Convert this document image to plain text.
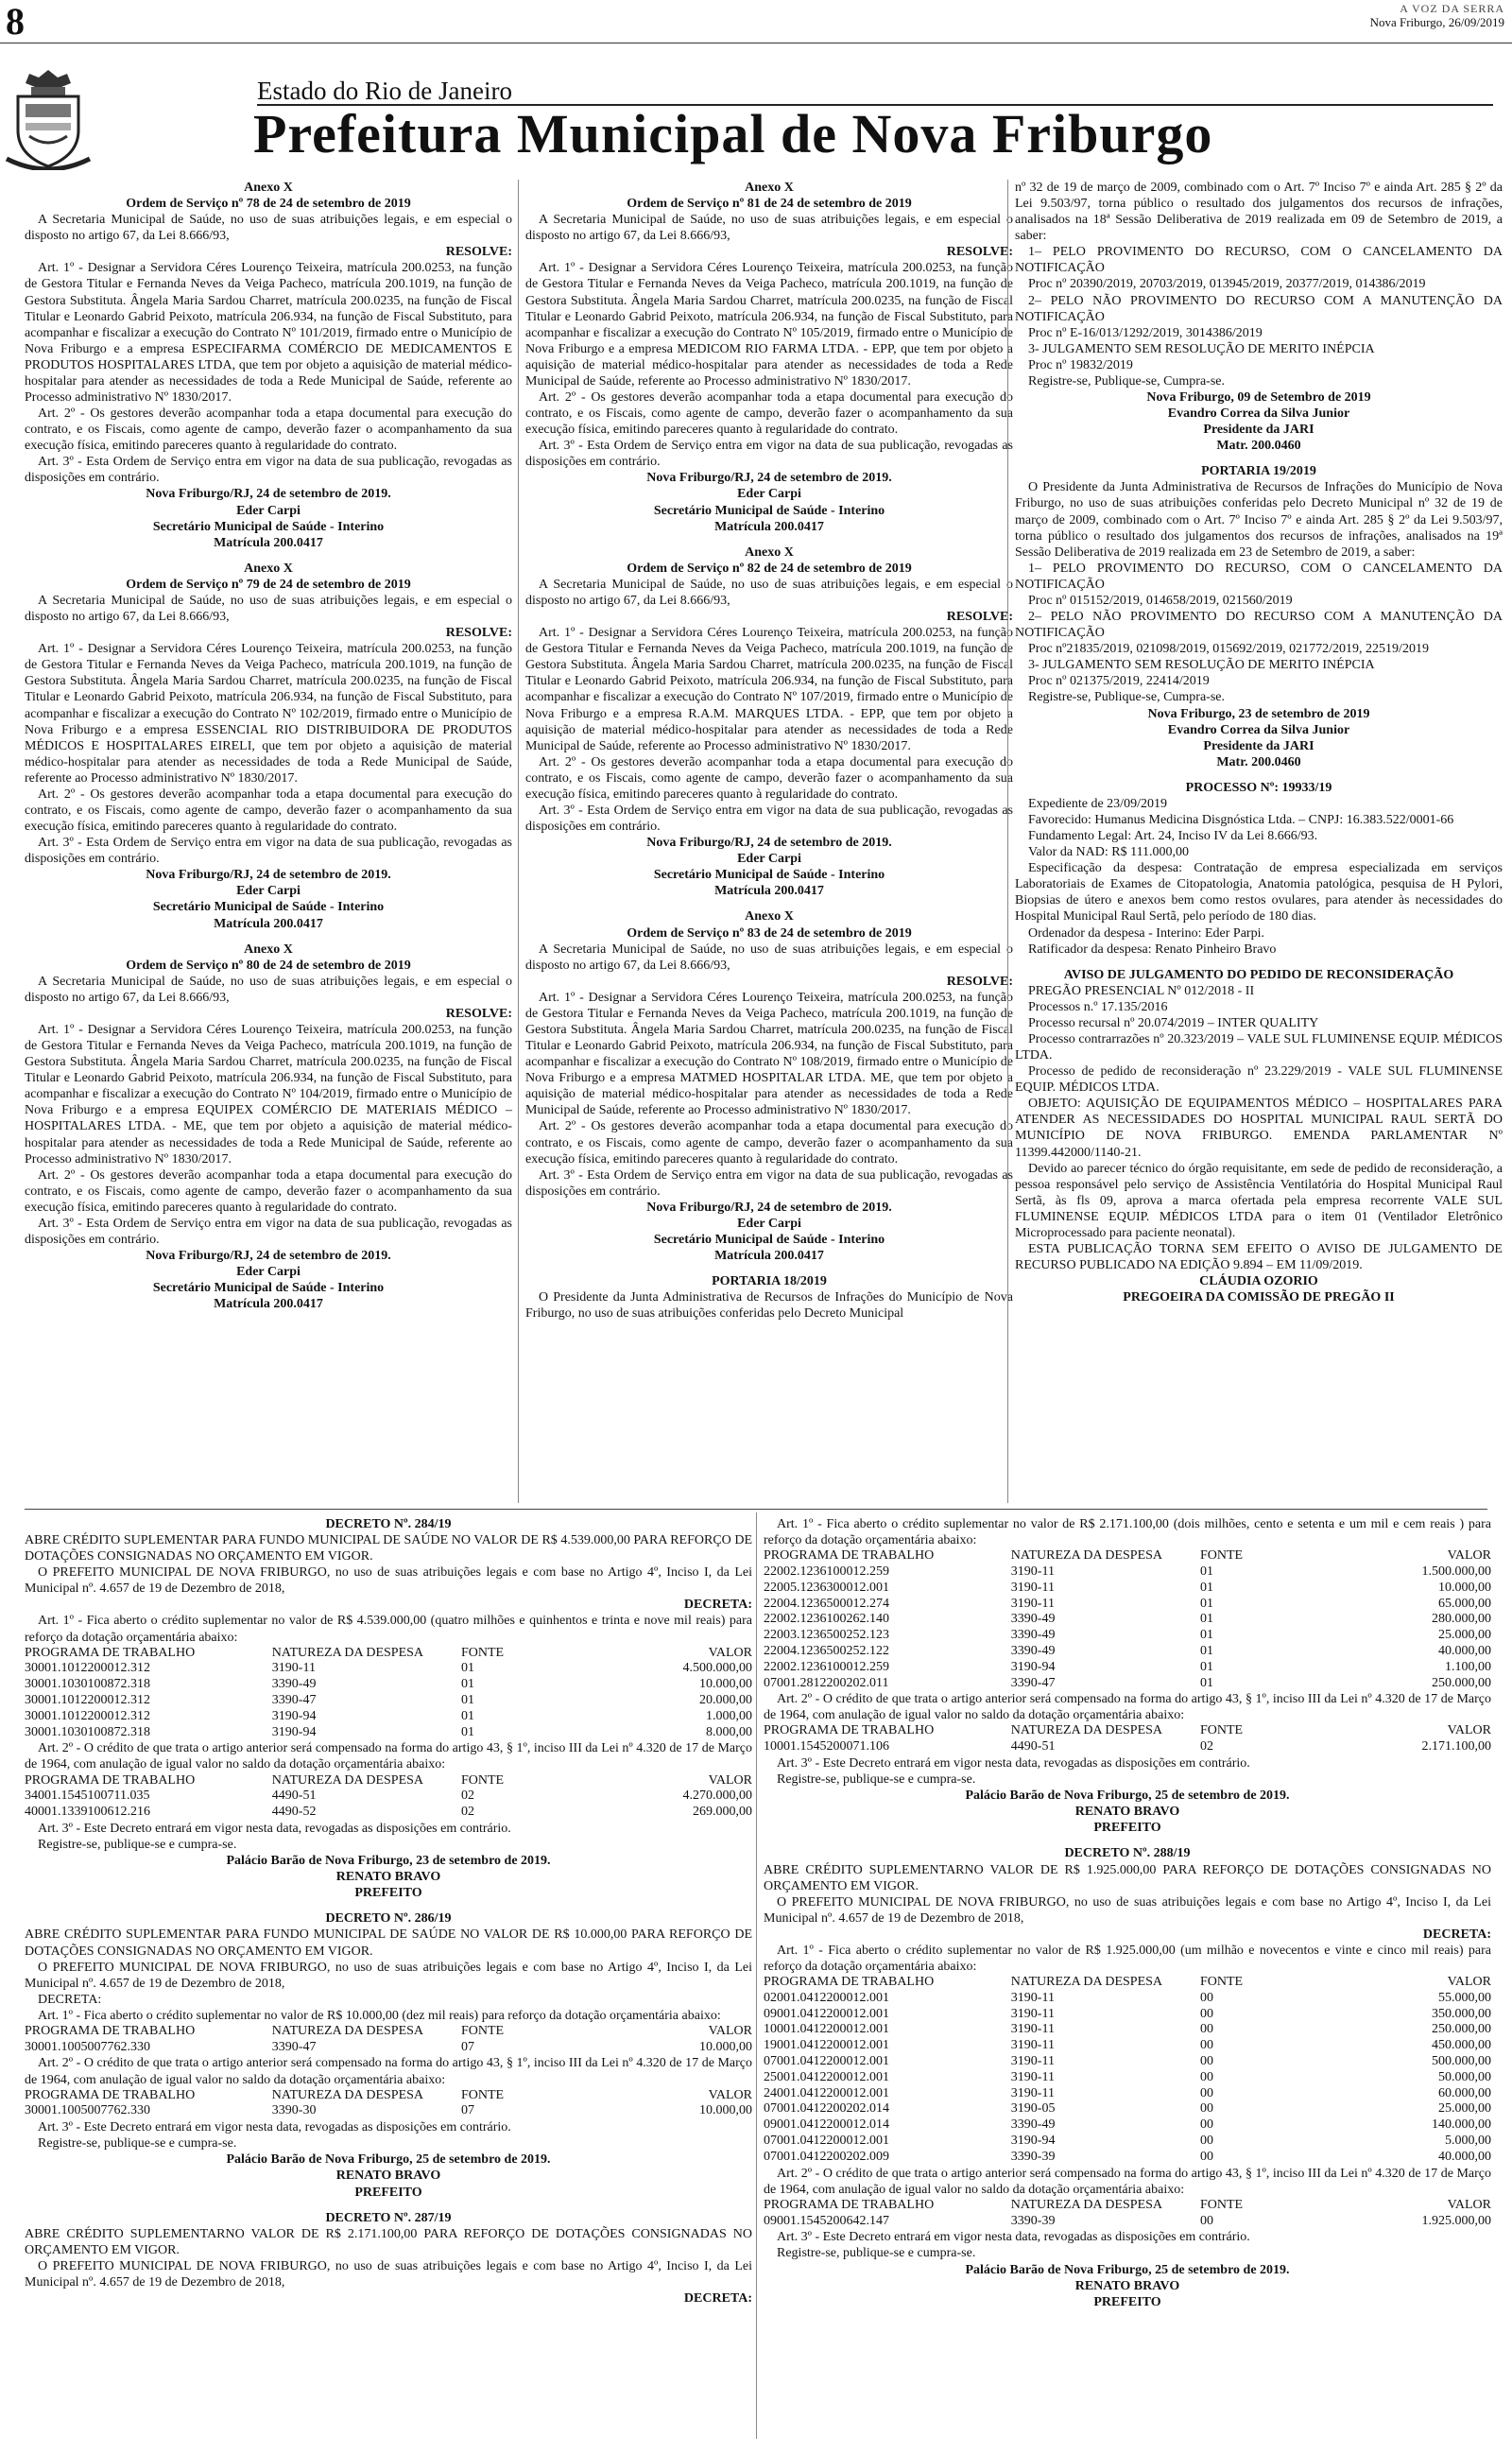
8	A VOZ DA SERRA
Nova Friburgo, 26/09/2019
Estado do Rio de Janeiro
Prefeitura Municipal de Nova Friburgo

Anexo X

Ordem de Serviço nº 78 de 24 de setembro de 2019

A Secretaria Municipal de Saúde, no uso de suas atribuições legais, e em especial o disposto no artigo 67, da Lei 8.666/93,

RESOLVE:

Art. 1º - Designar a Servidora Céres Lourenço Teixeira, matrícula 200.0253, na função de Gestora Titular e Fernanda Neves da Veiga Pacheco, matrícula 200.1019, na função de Gestora Substituta. Ângela Maria Sardou Charret, matrícula 200.0235, na função de Fiscal Titular e Leonardo Gabrid Peixoto, matrícula 206.934, na função de Fiscal Substituto, para acompanhar e fiscalizar a execução do Contrato Nº 101/2019, firmado entre o Município de Nova Friburgo e a empresa ESPECIFARMA COMÉRCIO DE MEDICAMENTOS E PRODUTOS HOSPITALARES LTDA, que tem por objeto a aquisição de material médico-hospitalar para atender as necessidades de toda a Rede Municipal de Saúde, referente ao Processo administrativo Nº 1830/2017.

Art. 2º - Os gestores deverão acompanhar toda a etapa documental para execução do contrato, e os Fiscais, como agente de campo, deverão fazer o acompanhamento da sua execução física, emitindo pareceres quanto à regularidade do contrato.

Art. 3º - Esta Ordem de Serviço entra em vigor na data de sua publicação, revogadas as disposições em contrário.

Nova Friburgo/RJ, 24 de setembro de 2019.

Eder Carpi

Secretário Municipal de Saúde - Interino

Matrícula 200.0417

Anexo X

Ordem de Serviço nº 79 de 24 de setembro de 2019

A Secretaria Municipal de Saúde, no uso de suas atribuições legais, e em especial o disposto no artigo 67, da Lei 8.666/93,

RESOLVE:

Art. 1º - Designar a Servidora Céres Lourenço Teixeira, matrícula 200.0253, na função de Gestora Titular e Fernanda Neves da Veiga Pacheco, matrícula 200.1019, na função de Gestora Substituta. Ângela Maria Sardou Charret, matrícula 200.0235, na função de Fiscal Titular e Leonardo Gabrid Peixoto, matrícula 206.934, na função de Fiscal Substituto, para acompanhar e fiscalizar a execução do Contrato Nº 102/2019, firmado entre o Município de Nova Friburgo e a empresa ESSENCIAL RIO DISTRIBUIDORA DE PRODUTOS MÉDICOS E HOSPITALARES EIRELI, que tem por objeto a aquisição de material médico-hospitalar para atender as necessidades de toda a Rede Municipal de Saúde, referente ao Processo administrativo Nº 1830/2017.

Art. 2º - Os gestores deverão acompanhar toda a etapa documental para execução do contrato, e os Fiscais, como agente de campo, deverão fazer o acompanhamento da sua execução física, emitindo pareceres quanto à regularidade do contrato.

Art. 3º - Esta Ordem de Serviço entra em vigor na data de sua publicação, revogadas as disposições em contrário.

Nova Friburgo/RJ, 24 de setembro de 2019.

Eder Carpi

Secretário Municipal de Saúde - Interino

Matrícula 200.0417

Anexo X

Ordem de Serviço nº 80 de 24 de setembro de 2019

A Secretaria Municipal de Saúde, no uso de suas atribuições legais, e em especial o disposto no artigo 67, da Lei 8.666/93,

RESOLVE:

Art. 1º - Designar a Servidora Céres Lourenço Teixeira, matrícula 200.0253, na função de Gestora Titular e Fernanda Neves da Veiga Pacheco, matrícula 200.1019, na função de Gestora Substituta. Ângela Maria Sardou Charret, matrícula 200.0235, na função de Fiscal Titular e Leonardo Gabrid Peixoto, matrícula 206.934, na função de Fiscal Substituto, para acompanhar e fiscalizar a execução do Contrato Nº 104/2019, firmado entre o Município de Nova Friburgo e a empresa EQUIPEX COMÉRCIO DE MATERIAIS MÉDICO – HOSPITALARES LTDA. - ME, que tem por objeto a aquisição de material médico-hospitalar para atender as necessidades de toda a Rede Municipal de Saúde, referente ao Processo administrativo Nº 1830/2017.

Art. 2º - Os gestores deverão acompanhar toda a etapa documental para execução do contrato, e os Fiscais, como agente de campo, deverão fazer o acompanhamento da sua execução física, emitindo pareceres quanto à regularidade do contrato.

Art. 3º - Esta Ordem de Serviço entra em vigor na data de sua publicação, revogadas as disposições em contrário.

Nova Friburgo/RJ, 24 de setembro de 2019.

Eder Carpi

Secretário Municipal de Saúde - Interino

Matrícula 200.0417

Anexo X

Ordem de Serviço nº 81 de 24 de setembro de 2019

A Secretaria Municipal de Saúde, no uso de suas atribuições legais, e em especial o disposto no artigo 67, da Lei 8.666/93,

RESOLVE:

Art. 1º - Designar a Servidora Céres Lourenço Teixeira, matrícula 200.0253, na função de Gestora Titular e Fernanda Neves da Veiga Pacheco, matrícula 200.1019, na função de Gestora Substituta. Ângela Maria Sardou Charret, matrícula 200.0235, na função de Fiscal Titular e Leonardo Gabrid Peixoto, matrícula 206.934, na função de Fiscal Substituto, para acompanhar e fiscalizar a execução do Contrato Nº 105/2019, firmado entre o Município de Nova Friburgo e a empresa MEDICOM RIO FARMA LTDA. - EPP, que tem por objeto a aquisição de material médico-hospitalar para atender as necessidades de toda a Rede Municipal de Saúde, referente ao Processo administrativo Nº 1830/2017.

Art. 2º - Os gestores deverão acompanhar toda a etapa documental para execução do contrato, e os Fiscais, como agente de campo, deverão fazer o acompanhamento da sua execução física, emitindo pareceres quanto à regularidade do contrato.

Art. 3º - Esta Ordem de Serviço entra em vigor na data de sua publicação, revogadas as disposições em contrário.

Nova Friburgo/RJ, 24 de setembro de 2019.

Eder Carpi

Secretário Municipal de Saúde - Interino

Matrícula 200.0417

Anexo X

Ordem de Serviço nº 82 de 24 de setembro de 2019

A Secretaria Municipal de Saúde, no uso de suas atribuições legais, e em especial o disposto no artigo 67, da Lei 8.666/93,

RESOLVE:

Art. 1º - Designar a Servidora Céres Lourenço Teixeira, matrícula 200.0253, na função de Gestora Titular e Fernanda Neves da Veiga Pacheco, matrícula 200.1019, na função de Gestora Substituta. Ângela Maria Sardou Charret, matrícula 200.0235, na função de Fiscal Titular e Leonardo Gabrid Peixoto, matrícula 206.934, na função de Fiscal Substituto, para acompanhar e fiscalizar a execução do Contrato Nº 107/2019, firmado entre o Município de Nova Friburgo e a empresa R.A.M. MARQUES LTDA. - EPP, que tem por objeto a aquisição de material médico-hospitalar para atender as necessidades de toda a Rede Municipal de Saúde, referente ao Processo administrativo Nº 1830/2017.

Art. 2º - Os gestores deverão acompanhar toda a etapa documental para execução do contrato, e os Fiscais, como agente de campo, deverão fazer o acompanhamento da sua execução física, emitindo pareceres quanto à regularidade do contrato.

Art. 3º - Esta Ordem de Serviço entra em vigor na data de sua publicação, revogadas as disposições em contrário.

Nova Friburgo/RJ, 24 de setembro de 2019.

Eder Carpi

Secretário Municipal de Saúde - Interino

Matrícula 200.0417

Anexo X

Ordem de Serviço nº 83 de 24 de setembro de 2019

A Secretaria Municipal de Saúde, no uso de suas atribuições legais, e em especial o disposto no artigo 67, da Lei 8.666/93,

RESOLVE:

Art. 1º - Designar a Servidora Céres Lourenço Teixeira, matrícula 200.0253, na função de Gestora Titular e Fernanda Neves da Veiga Pacheco, matrícula 200.1019, na função de Gestora Substituta. Ângela Maria Sardou Charret, matrícula 200.0235, na função de Fiscal Titular e Leonardo Gabrid Peixoto, matrícula 206.934, na função de Fiscal Substituto, para acompanhar e fiscalizar a execução do Contrato Nº 108/2019, firmado entre o Município de Nova Friburgo e a empresa MATMED HOSPITALAR LTDA. ME, que tem por objeto a aquisição de material médico-hospitalar para atender as necessidades de toda a Rede Municipal de Saúde, referente ao Processo administrativo Nº 1830/2017.

Art. 2º - Os gestores deverão acompanhar toda a etapa documental para execução do contrato, e os Fiscais, como agente de campo, deverão fazer o acompanhamento da sua execução física, emitindo pareceres quanto à regularidade do contrato.

Art. 3º - Esta Ordem de Serviço entra em vigor na data de sua publicação, revogadas as disposições em contrário.

Nova Friburgo/RJ, 24 de setembro de 2019.

Eder Carpi

Secretário Municipal de Saúde - Interino

Matrícula 200.0417

PORTARIA 18/2019

O Presidente da Junta Administrativa de Recursos de Infrações do Município de Nova Friburgo, no uso de suas atribuições conferidas pelo Decreto Municipal

nº 32 de 19 de março de 2009, combinado com o Art. 7º Inciso 7º e ainda Art. 285 § 2º da Lei 9.503/97, torna público o resultado dos julgamentos dos recursos de infrações, analisados na 18ª Sessão Deliberativa de 2019 realizada em 09 de Setembro de 2019, a saber:

1– PELO PROVIMENTO DO RECURSO, COM O CANCELAMENTO DA NOTIFICAÇÃO

Proc nº 20390/2019, 20703/2019, 013945/2019, 20377/2019, 014386/2019

2– PELO NÃO PROVIMENTO DO RECURSO COM A MANUTENÇÃO DA NOTIFICAÇÃO

Proc nº E-16/013/1292/2019, 3014386/2019

3- JULGAMENTO SEM RESOLUÇÃO DE MERITO INÉPCIA

Proc nº 19832/2019

Registre-se, Publique-se, Cumpra-se.

Nova Friburgo, 09 de Setembro de 2019

Evandro Correa da Silva Junior

Presidente da JARI

Matr. 200.0460

PORTARIA 19/2019

O Presidente da Junta Administrativa de Recursos de Infrações do Município de Nova Friburgo, no uso de suas atribuições conferidas pelo Decreto Municipal nº 32 de 19 de março de 2009, combinado com o Art. 7º Inciso 7º e ainda Art. 285 § 2º da Lei 9.503/97, torna público o resultado dos julgamentos dos recursos de infrações, analisados na 19ª Sessão Deliberativa de 2019 realizada em 23 de Setembro de 2019, a saber:

1– PELO PROVIMENTO DO RECURSO, COM O CANCELAMENTO DA NOTIFICAÇÃO

Proc nº 015152/2019, 014658/2019, 021560/2019

2– PELO NÃO PROVIMENTO DO RECURSO COM A MANUTENÇÃO DA NOTIFICAÇÃO

Proc nº21835/2019, 021098/2019, 015692/2019, 021772/2019, 22519/2019

3- JULGAMENTO SEM RESOLUÇÃO DE MERITO INÉPCIA

Proc nº 021375/2019, 22414/2019

Registre-se, Publique-se, Cumpra-se.

Nova Friburgo, 23 de setembro de 2019

Evandro Correa da Silva Junior

Presidente da JARI

Matr. 200.0460

PROCESSO Nº: 19933/19

Expediente de 23/09/2019

Favorecido: Humanus Medicina Disgnóstica Ltda. – CNPJ: 16.383.522/0001-66

Fundamento Legal: Art. 24, Inciso IV da Lei 8.666/93.

Valor da NAD: R$ 111.000,00

Especificação da despesa: Contratação de empresa especializada em serviços Laboratoriais de Exames de Citopatologia, Anatomia patológica, pesquisa de H Pylori, Biopsias de útero e anexos bem como restos ovulares, para atender às necessidades do Hospital Municipal Raul Sertã, pelo período de 180 dias.

Ordenador da despesa - Interino: Eder Parpi.

Ratificador da despesa: Renato Pinheiro Bravo

AVISO DE JULGAMENTO DO PEDIDO DE RECONSIDERAÇÃO

PREGÃO PRESENCIAL Nº 012/2018 - II

Processos n.º 17.135/2016

Processo recursal nº 20.074/2019 – INTER QUALITY

Processo contrarrazões nº 20.323/2019 – VALE SUL FLUMINENSE EQUIP. MÉDICOS LTDA.

Processo de pedido de reconsideração nº 23.229/2019 - VALE SUL FLUMINENSE EQUIP. MÉDICOS LTDA.

OBJETO: AQUISIÇÃO DE EQUIPAMENTOS MÉDICO – HOSPITALARES PARA ATENDER AS NECESSIDADES DO HOSPITAL MUNICIPAL RAUL SERTÃ DO MUNICÍPIO DE NOVA FRIBURGO. EMENDA PARLAMENTAR Nº 11399.442000/1140-21.

Devido ao parecer técnico do órgão requisitante, em sede de pedido de reconsideração, a pessoa responsável pelo serviço de Assistência Ventilatória do Hospital Municipal Raul Sertã, às fls 09, aprova a marca ofertada pela empresa recorrente VALE SUL FLUMINENSE EQUIP. MÉDICOS LTDA para o item 01 (Ventilador Eletrônico Microprocessado para paciente neonatal).

ESTA PUBLICAÇÃO TORNA SEM EFEITO O AVISO DE JULGAMENTO DE RECURSO PUBLICADO NA EDIÇÃO 9.894 – EM 11/09/2019.

CLÁUDIA OZORIO

PREGOEIRA DA COMISSÃO DE PREGÃO II

DECRETO Nº. 284/19

ABRE CRÉDITO SUPLEMENTAR PARA FUNDO MUNICIPAL DE SAÚDE NO VALOR DE R$ 4.539.000,00 PARA REFORÇO DE DOTAÇÕES CONSIGNADAS NO ORÇAMENTO EM VIGOR.

O PREFEITO MUNICIPAL DE NOVA FRIBURGO, no uso de suas atribuições legais e com base no Artigo 4º, Inciso I, da Lei Municipal nº. 4.657 de 19 de Dezembro de 2018,

DECRETA:

Art. 1º - Fica aberto o crédito suplementar no valor de R$ 4.539.000,00 (quatro milhões e quinhentos e trinta e nove mil reais) para reforço da dotação orçamentária abaixo:

PROGRAMA DE TRABALHO	NATUREZA DA DESPESA	FONTE	VALOR
30001.1012200012.312	3190-11	01	4.500.000,00
30001.1030100872.318	3390-49	01	10.000,00
30001.1012200012.312	3390-47	01	20.000,00
30001.1012200012.312	3190-94	01	1.000,00
30001.1030100872.318	3190-94	01	8.000,00

Art. 2º - O crédito de que trata o artigo anterior será compensado na forma do artigo 43, § 1º, inciso III da Lei nº 4.320 de 17 de Março de 1964, com anulação de igual valor no saldo da dotação orçamentária abaixo:

PROGRAMA DE TRABALHO	NATUREZA DA DESPESA	FONTE	VALOR
34001.1545100711.035	4490-51	02	4.270.000,00
40001.1339100612.216	4490-52	02	269.000,00

Art. 3º - Este Decreto entrará em vigor nesta data, revogadas as disposições em contrário.

Registre-se, publique-se e cumpra-se.

Palácio Barão de Nova Friburgo, 23 de setembro de 2019.

RENATO BRAVO

PREFEITO

DECRETO Nº. 286/19

ABRE CRÉDITO SUPLEMENTAR PARA FUNDO MUNICIPAL DE SAÚDE NO VALOR DE R$ 10.000,00 PARA REFORÇO DE DOTAÇÕES CONSIGNADAS NO ORÇAMENTO EM VIGOR.

O PREFEITO MUNICIPAL DE NOVA FRIBURGO, no uso de suas atribuições legais e com base no Artigo 4º, Inciso I, da Lei Municipal nº. 4.657 de 19 de Dezembro de 2018,

DECRETA:

Art. 1º - Fica aberto o crédito suplementar no valor de R$ 10.000,00 (dez mil reais) para reforço da dotação orçamentária abaixo:

PROGRAMA DE TRABALHO	NATUREZA DA DESPESA	FONTE	VALOR
30001.1005007762.330	3390-47	07	10.000,00

Art. 2º - O crédito de que trata o artigo anterior será compensado na forma do artigo 43, § 1º, inciso III da Lei nº 4.320 de 17 de Março de 1964, com anulação de igual valor no saldo da dotação orçamentária abaixo:

PROGRAMA DE TRABALHO	NATUREZA DA DESPESA	FONTE	VALOR
30001.1005007762.330	3390-30	07	10.000,00

Art. 3º - Este Decreto entrará em vigor nesta data, revogadas as disposições em contrário.

Registre-se, publique-se e cumpra-se.

Palácio Barão de Nova Friburgo, 25 de setembro de 2019.

RENATO BRAVO

PREFEITO

DECRETO Nº. 287/19

ABRE CRÉDITO SUPLEMENTARNO VALOR DE R$ 2.171.100,00 PARA REFORÇO DE DOTAÇÕES CONSIGNADAS NO ORÇAMENTO EM VIGOR.

O PREFEITO MUNICIPAL DE NOVA FRIBURGO, no uso de suas atribuições legais e com base no Artigo 4º, Inciso I, da Lei Municipal nº. 4.657 de 19 de Dezembro de 2018,

DECRETA:

Art. 1º - Fica aberto o crédito suplementar no valor de R$ 2.171.100,00 (dois milhões, cento e setenta e um mil e cem reais ) para reforço da dotação orçamentária abaixo:

PROGRAMA DE TRABALHO	NATUREZA DA DESPESA	FONTE	VALOR
22002.1236100012.259	3190-11	01	1.500.000,00
22005.1236300012.001	3190-11	01	10.000,00
22004.1236500012.274	3190-11	01	65.000,00
22002.1236100262.140	3390-49	01	280.000,00
22003.1236500252.123	3390-49	01	25.000,00
22004.1236500252.122	3390-49	01	40.000,00
22002.1236100012.259	3190-94	01	1.100,00
07001.2812200202.011	3390-47	01	250.000,00

Art. 2º - O crédito de que trata o artigo anterior será compensado na forma do artigo 43, § 1º, inciso III da Lei nº 4.320 de 17 de Março de 1964, com anulação de igual valor no saldo da dotação orçamentária abaixo:

PROGRAMA DE TRABALHO	NATUREZA DA DESPESA	FONTE	VALOR
10001.1545200071.106	4490-51	02	2.171.100,00

Art. 3º - Este Decreto entrará em vigor nesta data, revogadas as disposições em contrário.

Registre-se, publique-se e cumpra-se.

Palácio Barão de Nova Friburgo, 25 de setembro de 2019.

RENATO BRAVO

PREFEITO

DECRETO Nº. 288/19

ABRE CRÉDITO SUPLEMENTARNO VALOR DE R$ 1.925.000,00 PARA REFORÇO DE DOTAÇÕES CONSIGNADAS NO ORÇAMENTO EM VIGOR.

O PREFEITO MUNICIPAL DE NOVA FRIBURGO, no uso de suas atribuições legais e com base no Artigo 4º, Inciso I, da Lei Municipal nº. 4.657 de 19 de Dezembro de 2018,

DECRETA:

Art. 1º - Fica aberto o crédito suplementar no valor de R$ 1.925.000,00 (um milhão e novecentos e vinte e cinco mil reais) para reforço da dotação orçamentária abaixo:

PROGRAMA DE TRABALHO	NATUREZA DA DESPESA	FONTE	VALOR
02001.0412200012.001	3190-11	00	55.000,00
09001.0412200012.001	3190-11	00	350.000,00
10001.0412200012.001	3190-11	00	250.000,00
19001.0412200012.001	3190-11	00	450.000,00
07001.0412200012.001	3190-11	00	500.000,00
25001.0412200012.001	3190-11	00	50.000,00
24001.0412200012.001	3190-11	00	60.000,00
07001.0412200202.014	3190-05	00	25.000,00
09001.0412200012.014	3390-49	00	140.000,00
07001.0412200012.001	3190-94	00	5.000,00
07001.0412200202.009	3390-39	00	40.000,00

Art. 2º - O crédito de que trata o artigo anterior será compensado na forma do artigo 43, § 1º, inciso III da Lei nº 4.320 de 17 de Março de 1964, com anulação de igual valor no saldo da dotação orçamentária abaixo:

PROGRAMA DE TRABALHO	NATUREZA DA DESPESA	FONTE	VALOR
09001.1545200642.147	3390-39	00	1.925.000,00

Art. 3º - Este Decreto entrará em vigor nesta data, revogadas as disposições em contrário.

Registre-se, publique-se e cumpra-se.

Palácio Barão de Nova Friburgo, 25 de setembro de 2019.

RENATO BRAVO

PREFEITO
